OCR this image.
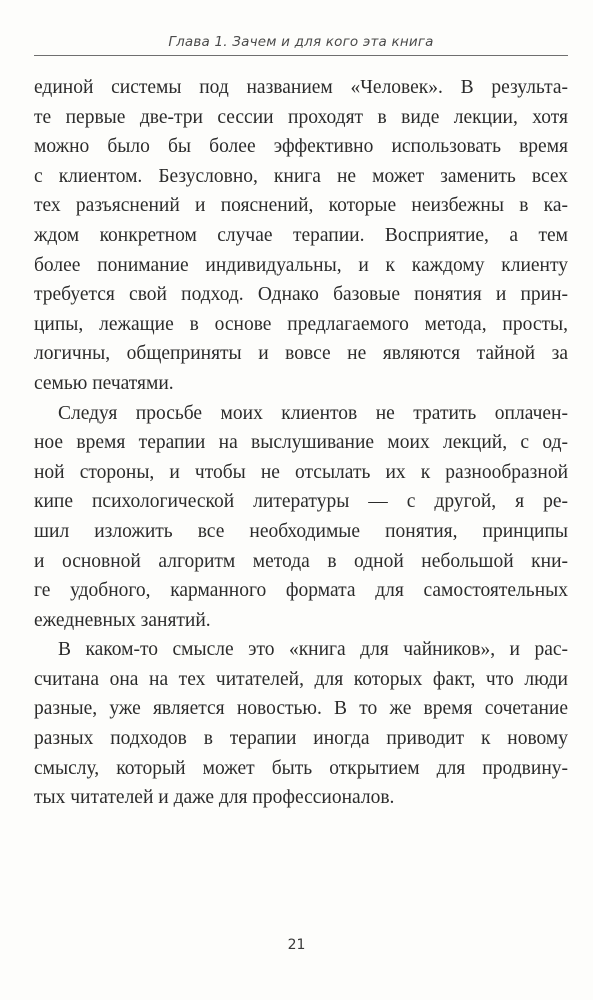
Глава 1. Зачем и для кого эта книга
единой системы под названием «Человек». В результа-
те первые две-три сессии проходят в виде лекции, хотя
можно было бы более эффективно использовать время
с клиентом. Безусловно, книга не может заменить всех
тех разъяснений и пояснений, которые неизбежны в ка-
ждом конкретном случае терапии. Восприятие, а тем
более понимание индивидуальны, и к каждому клиенту
требуется свой подход. Однако базовые понятия и прин-
ципы, лежащие в основе предлагаемого метода, просты,
логичны, общеприняты и вовсе не являются тайной за
семью печатями.
Следуя просьбе моих клиентов не тратить оплачен-
ное время терапии на выслушивание моих лекций, с од-
ной стороны, и чтобы не отсылать их к разнообразной
кипе психологической литературы — с другой, я ре-
шил изложить все необходимые понятия, принципы
и основной алгоритм метода в одной небольшой кни-
ге удобного, карманного формата для самостоятельных
ежедневных занятий.
В каком-то смысле это «книга для чайников», и рас-
считана она на тех читателей, для которых факт, что люди
разные, уже является новостью. В то же время сочетание
разных подходов в терапии иногда приводит к новому
смыслу, который может быть открытием для продвину-
тых читателей и даже для профессионалов.
21
